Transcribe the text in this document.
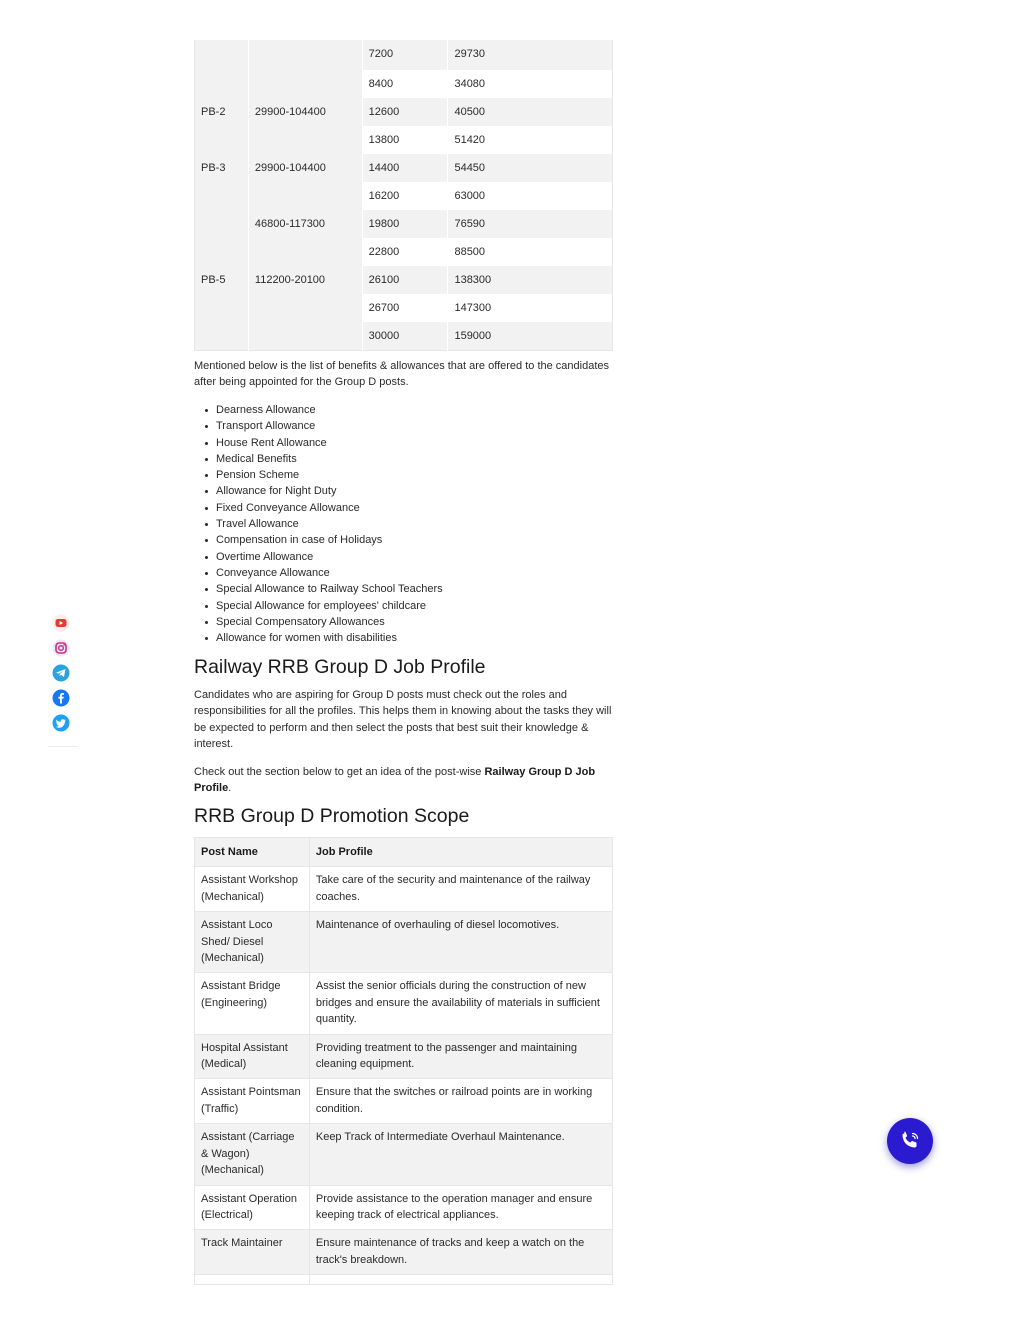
		7200	29730
		8400	34080
PB-2	29900-104400	12600	40500
		13800	51420
PB-3	29900-104400	14400	54450
		16200	63000
	46800-117300	19800	76590
		22800	88500
PB-5	112200-20100	26100	138300
		26700	147300
		30000	159000

Mentioned below is the list of benefits & allowances that are offered to the candidates after being appointed for the Group D posts.

Dearness Allowance
Transport Allowance
House Rent Allowance
Medical Benefits
Pension Scheme
Allowance for Night Duty
Fixed Conveyance Allowance
Travel Allowance
Compensation in case of Holidays
Overtime Allowance
Conveyance Allowance
Special Allowance to Railway School Teachers
Special Allowance for employees' childcare
Special Compensatory Allowances
Allowance for women with disabilities
Railway RRB Group D Job Profile

Candidates who are aspiring for Group D posts must check out the roles and responsibilities for all the profiles. This helps them in knowing about the tasks they will be expected to perform and then select the posts that best suit their knowledge & interest.

Check out the section below to get an idea of the post-wise Railway Group D Job Profile.

RRB Group D Promotion Scope
Post Name	Job Profile
Assistant Workshop (Mechanical)	Take care of the security and maintenance of the railway coaches.
Assistant Loco Shed/ Diesel (Mechanical)	Maintenance of overhauling of diesel locomotives.
Assistant Bridge (Engineering)	Assist the senior officials during the construction of new bridges and ensure the availability of materials in sufficient quantity.
Hospital Assistant (Medical)	Providing treatment to the passenger and maintaining cleaning equipment.
Assistant Pointsman (Traffic)	Ensure that the switches or railroad points are in working condition.
Assistant (Carriage & Wagon) (Mechanical)	Keep Track of Intermediate Overhaul Maintenance.
Assistant Operation (Electrical)	Provide assistance to the operation manager and ensure keeping track of electrical appliances.
Track Maintainer	Ensure maintenance of tracks and keep a watch on the track's breakdown.
